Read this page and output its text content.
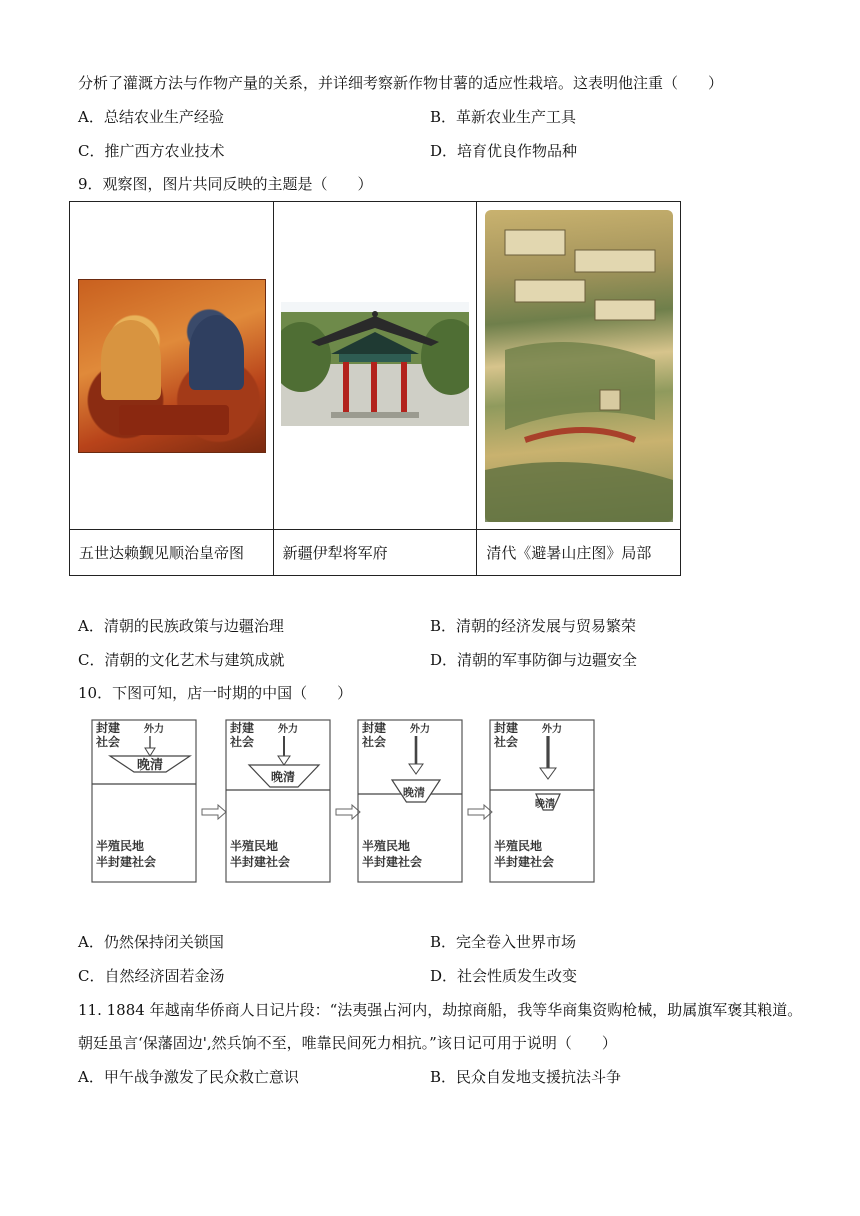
分析了灌溉方法与作物产量的关系，并详细考察新作物甘薯的适应性栽培。这表明他注重（　　）
A．总结农业生产经验	B．革新农业生产工具
C．推广西方农业技术	D．培育优良作物品种
9．观察图，图片共同反映的主题是（　　）

五世达赖觐见顺治皇帝图	新疆伊犁将军府	清代《避暑山庄图》局部
A．清朝的民族政策与边疆治理	B．清朝的经济发展与贸易繁荣
C．清朝的文化艺术与建筑成就	D．清朝的军事防御与边疆安全
10．下图可知，店一时期的中国（　　）
封建
社会
外力
晚清
半殖民地
半封建社会
封建
社会
外力
晚清
半殖民地
半封建社会
封建
社会
外力
晚清
半殖民地
半封建社会
封建
社会
外力
晚清
半殖民地
半封建社会
A．仍然保持闭关锁国	B．完全卷入世界市场
C．自然经济固若金汤	D．社会性质发生改变
11. 1884 年越南华侨商人日记片段：“法夷强占河内，劫掠商船，我等华商集资购枪械，助属旗军褒其粮道。
朝廷虽言‘保藩固边',然兵饷不至，唯靠民间死力相抗。”该日记可用于说明（　　）
A．甲午战争激发了民众救亡意识	B．民众自发地支援抗法斗争
